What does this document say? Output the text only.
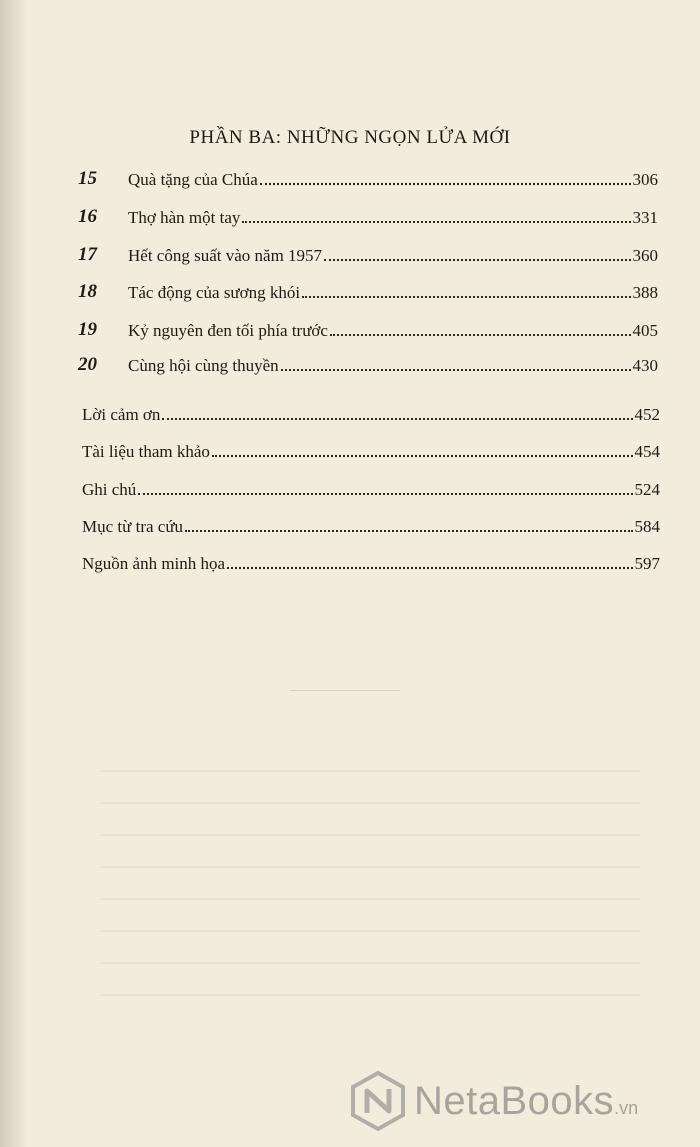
PHẦN BA: NHỮNG NGỌN LỬA MỚI
15	Quà tặng của Chúa	306
16	Thợ hàn một tay	331
17	Hết công suất vào năm 1957	360
18	Tác động của sương khói	388
19	Kỷ nguyên đen tối phía trước	405
20	Cùng hội cùng thuyền	430
Lời cảm ơn	452
Tài liệu tham khảo	454
Ghi chú	524
Mục từ tra cứu	584
Nguồn ảnh minh họa	597
NetaBooks .vn
